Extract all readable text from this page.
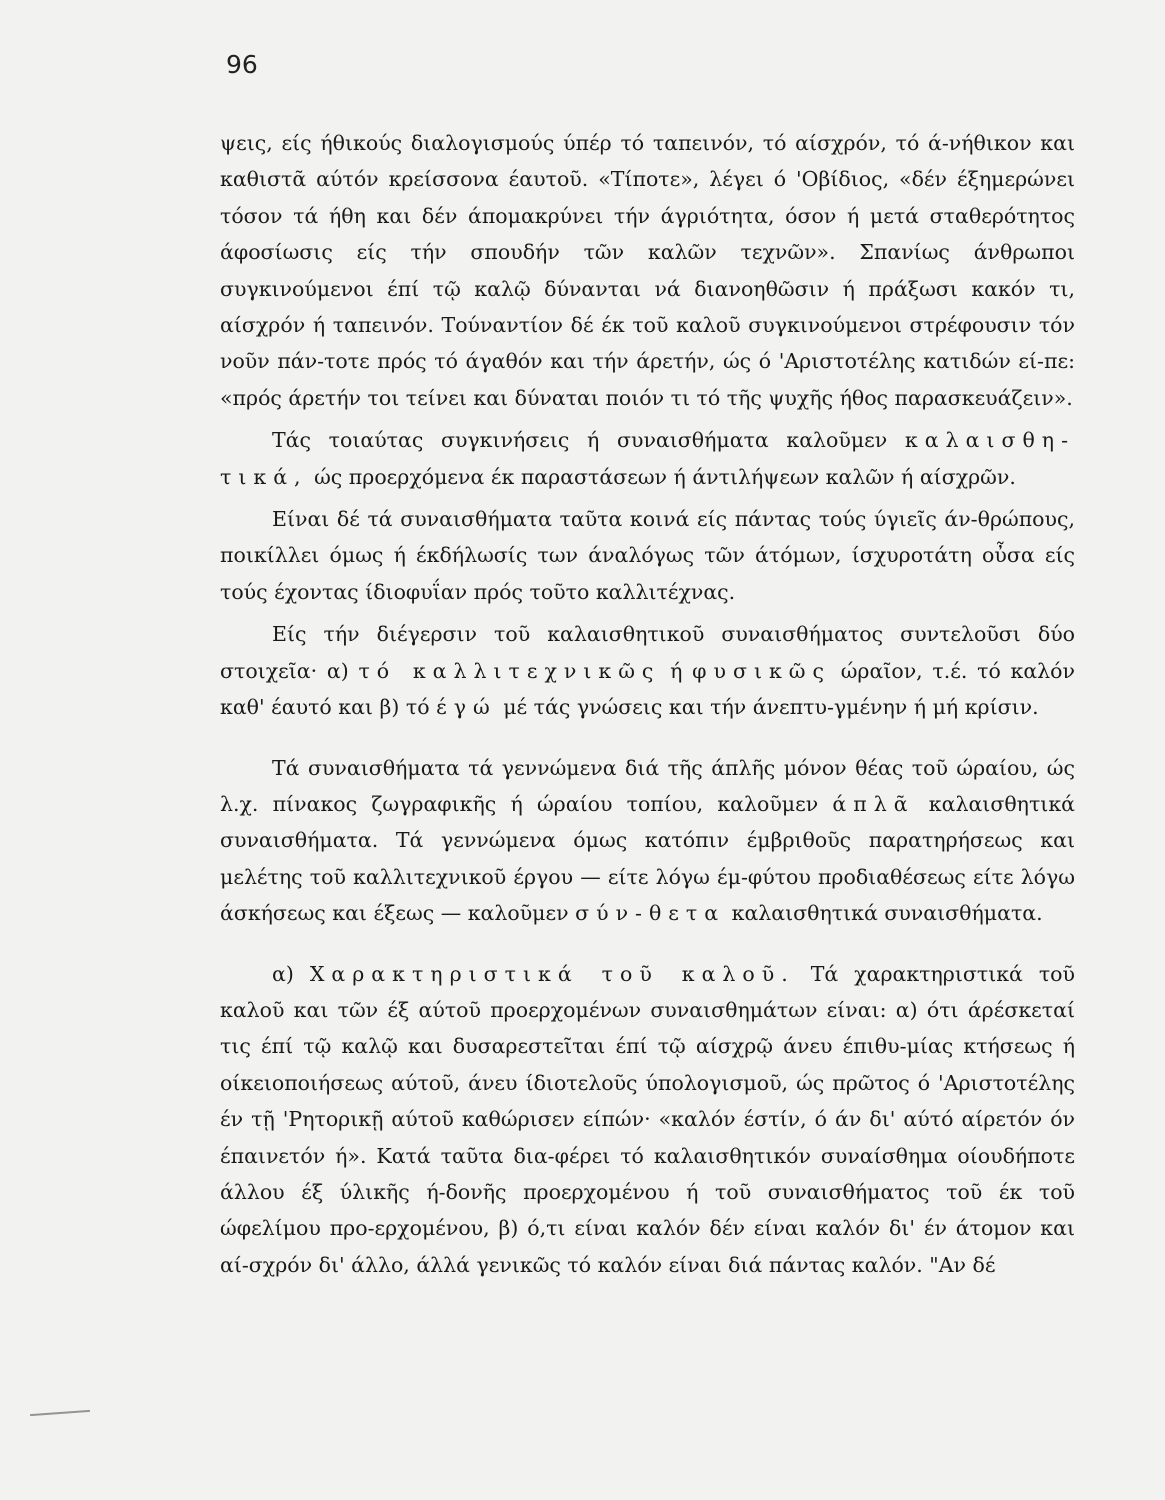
96

ψεις, είς ήθικούς διαλογισμούς ύπέρ τό ταπεινόν, τό αίσχρόν, τό ά-νήθικον και καθιστᾶ αύτόν κρείσσονα έαυτοῦ. «Τίποτε», λέγει ό 'Οβίδιος, «δέν έξημερώνει τόσον τά ήθη και δέν άπομακρύνει τήν άγριότητα, όσον ή μετά σταθερότητος άφοσίωσις είς τήν σπουδήν τῶν καλῶν τεχνῶν». Σπανίως άνθρωποι συγκινούμενοι έπί τῷ καλῷ δύνανται νά διανοηθῶσιν ή πράξωσι κακόν τι, αίσχρόν ή ταπεινόν. Τούναντίον δέ έκ τοῦ καλοῦ συγκινούμενοι στρέφουσιν τόν νοῦν πάν-τοτε πρός τό άγαθόν και τήν άρετήν, ώς ό 'Αριστοτέλης κατιδών εί-πε: «πρός άρετήν τοι τείνει και δύναται ποιόν τι τό τῆς ψυχῆς ήθος παρασκευάζειν».

Τάς τοιαύτας συγκινήσεις ή συναισθήματα καλοῦμεν καλαισθη-τικά, ώς προερχόμενα έκ παραστάσεων ή άντιλήψεων καλῶν ή αίσχρῶν.

Είναι δέ τά συναισθήματα ταῦτα κοινά είς πάντας τούς ύγιεῖς άν-θρώπους, ποικίλλει όμως ή έκδήλωσίς των άναλόγως τῶν άτόμων, ίσχυροτάτη οὖσα είς τούς έχοντας ίδιοφυΐαν πρός τοῦτο καλλιτέχνας.

Είς τήν διέγερσιν τοῦ καλαισθητικοῦ συναισθήματος συντελοῦσι δύο στοιχεῖα· α) τό καλλιτεχνικῶς ή φυσικῶς ώραῖον, τ.έ. τό καλόν καθ' έαυτό και β) τό έγώ μέ τάς γνώσεις και τήν άνεπτυ-γμένην ή μή κρίσιν.

Τά συναισθήματα τά γεννώμενα διά τῆς άπλῆς μόνον θέας τοῦ ώραίου, ώς λ.χ. πίνακος ζωγραφικῆς ή ώραίου τοπίου, καλοῦμεν άπλᾶ καλαισθητικά συναισθήματα. Τά γεννώμενα όμως κατόπιν έμβριθοῦς παρατηρήσεως και μελέτης τοῦ καλλιτεχνικοῦ έργου — είτε λόγω έμ-φύτου προδιαθέσεως είτε λόγω άσκήσεως και έξεως — καλοῦμεν σύν-θετα καλαισθητικά συναισθήματα.

α) Χαρακτηριστικά τοῦ καλοῦ. Τά χαρακτηριστικά τοῦ καλοῦ και τῶν έξ αύτοῦ προερχομένων συναισθημάτων είναι: α) ότι άρέσκεταί τις έπί τῷ καλῷ και δυσαρεστεῖται έπί τῷ αίσχρῷ άνευ έπιθυ-μίας κτήσεως ή οίκειοποιήσεως αύτοῦ, άνευ ίδιοτελοῦς ύπολογισμοῦ, ώς πρῶτος ό 'Αριστοτέλης έν τῇ 'Ρητορικῇ αύτοῦ καθώρισεν είπών· «καλόν έστίν, ό άν δι' αύτό αίρετόν όν έπαινετόν ή». Κατά ταῦτα δια-φέρει τό καλαισθητικόν συναίσθημα οίουδήποτε άλλου έξ ύλικῆς ή-δονῆς προερχομένου ή τοῦ συναισθήματος τοῦ έκ τοῦ ώφελίμου προ-ερχομένου, β) ό,τι είναι καλόν δέν είναι καλόν δι' έν άτομον και αί-σχρόν δι' άλλο, άλλά γενικῶς τό καλόν είναι διά πάντας καλόν. "Αν δέ
